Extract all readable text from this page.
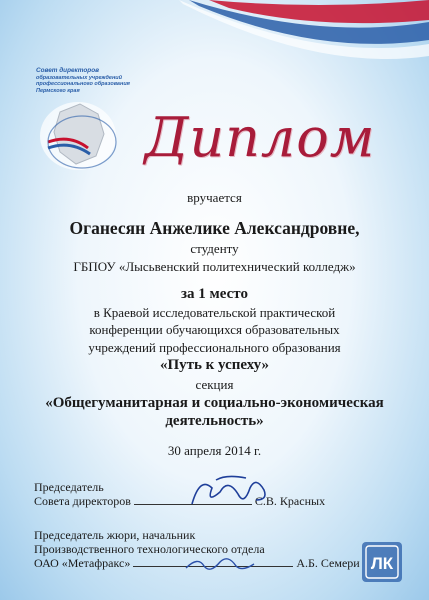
Совет директоров
образовательных учреждений
профессионального образования
Пермского края
Диплом
вручается
Оганесян Анжелике Александровне,
студенту
ГБПОУ «Лысьвенский политехнический колледж»
за 1 место
в Краевой исследовательской практической
конференции обучающихся образовательных
учреждений профессионального образования
«Путь к успеху»
секция
«Общегуманитарная и социально-экономическая
деятельность»
30 апреля 2014 г.
Председатель
Совета директоров	С.В. Красных
Председатель жюри, начальник
Производственного технологического отдела
ОАО «Метафракс»	А.Б. Семери ЛК
